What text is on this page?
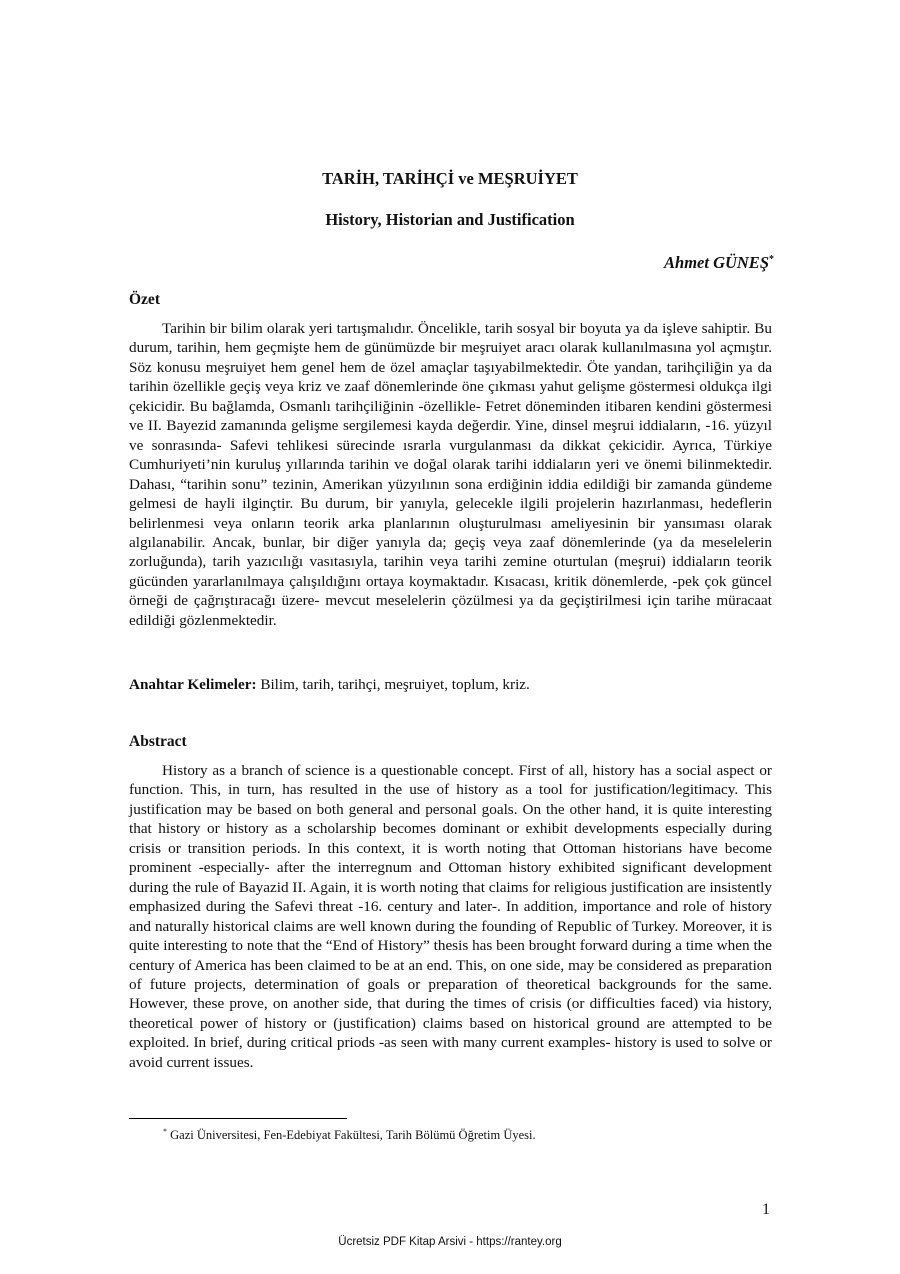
TARİH, TARİHÇİ ve MEŞRUİYET
History, Historian and Justification
Ahmet GÜNEŞ*
Özet

Tarihin bir bilim olarak yeri tartışmalıdır. Öncelikle, tarih sosyal bir boyuta ya da işleve sahiptir. Bu durum, tarihin, hem geçmişte hem de günümüzde bir meşruiyet aracı olarak kullanılmasına yol açmıştır. Söz konusu meşruiyet hem genel hem de özel amaçlar taşıyabilmektedir. Öte yandan, tarihçiliğin ya da tarihin özellikle geçiş veya kriz ve zaaf dönemlerinde öne çıkması yahut gelişme göstermesi oldukça ilgi çekicidir. Bu bağlamda, Osmanlı tarihçiliğinin -özellikle- Fetret döneminden itibaren kendini göstermesi ve II. Bayezid zamanında gelişme sergilemesi kayda değerdir. Yine, dinsel meşrui iddiaların, -16. yüzyıl ve sonrasında- Safevi tehlikesi sürecinde ısrarla vurgulanması da dikkat çekicidir. Ayrıca, Türkiye Cumhuriyeti’nin kuruluş yıllarında tarihin ve doğal olarak tarihi iddiaların yeri ve önemi bilinmektedir. Dahası, “tarihin sonu” tezinin, Amerikan yüzyılının sona erdiğinin iddia edildiği bir zamanda gündeme gelmesi de hayli ilginçtir. Bu durum, bir yanıyla, gelecekle ilgili projelerin hazırlanması, hedeflerin belirlenmesi veya onların teorik arka planlarının oluşturulması ameliyesinin bir yansıması olarak algılanabilir. Ancak, bunlar, bir diğer yanıyla da; geçiş veya zaaf dönemlerinde (ya da meselelerin zorluğunda), tarih yazıcılığı vasıtasıyla, tarihin veya tarihi zemine oturtulan (meşrui) iddiaların teorik gücünden yararlanılmaya çalışıldığını ortaya koymaktadır. Kısacası, kritik dönemlerde, -pek çok güncel örneği de çağrıştıracağı üzere- mevcut meselelerin çözülmesi ya da geçiştirilmesi için tarihe müracaat edildiği gözlenmektedir.

Anahtar Kelimeler: Bilim, tarih, tarihçi, meşruiyet, toplum, kriz.
Abstract

History as a branch of science is a questionable concept. First of all, history has a social aspect or function. This, in turn, has resulted in the use of history as a tool for justification/legitimacy. This justification may be based on both general and personal goals. On the other hand, it is quite interesting that history or history as a scholarship becomes dominant or exhibit developments especially during crisis or transition periods. In this context, it is worth noting that Ottoman historians have become prominent -especially- after the interregnum and Ottoman history exhibited significant development during the rule of Bayazid II. Again, it is worth noting that claims for religious justification are insistently emphasized during the Safevi threat -16. century and later-. In addition, importance and role of history and naturally historical claims are well known during the founding of Republic of Turkey. Moreover, it is quite interesting to note that the “End of History” thesis has been brought forward during a time when the century of America has been claimed to be at an end. This, on one side, may be considered as preparation of future projects, determination of goals or preparation of theoretical backgrounds for the same. However, these prove, on another side, that during the times of crisis (or difficulties faced) via history, theoretical power of history or (justification) claims based on historical ground are attempted to be exploited. In brief, during critical priods -as seen with many current examples- history is used to solve or avoid current issues.

* Gazi Üniversitesi, Fen-Edebiyat Fakültesi, Tarih Bölümü Öğretim Üyesi.
1
Ücretsiz PDF Kitap Arsivi - https://rantey.org
